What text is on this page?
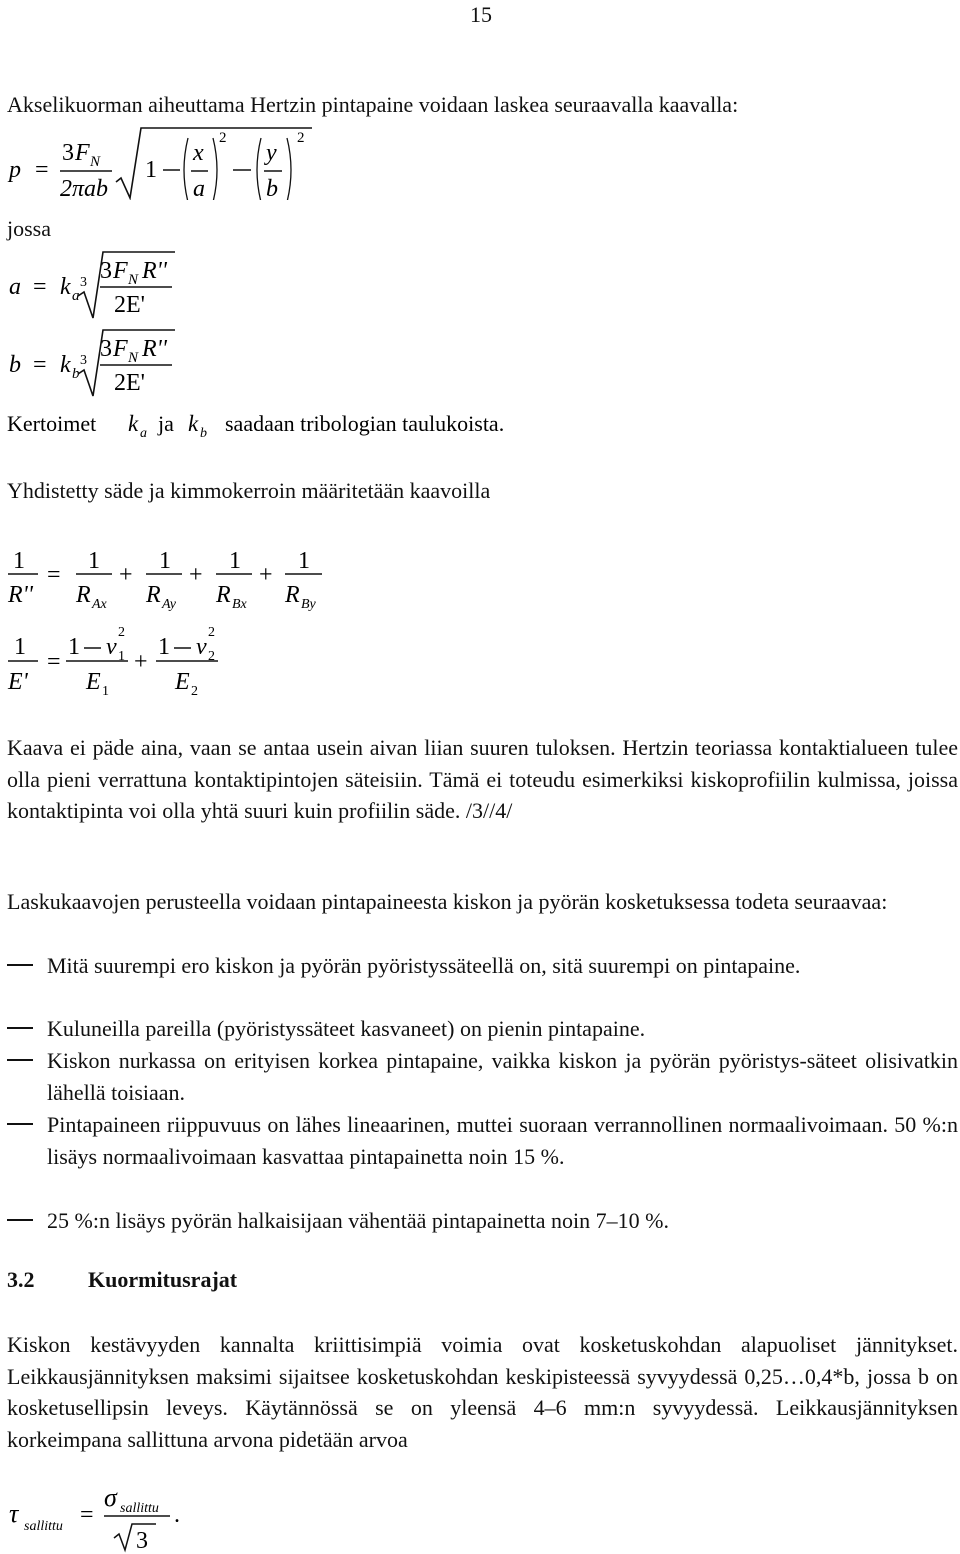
15
Akselikuorman aiheuttama Hertzin pintapaine voidaan laskea seuraavalla kaavalla:
p =
3 F N
2πab
1
x
a
2
y
b
2
jossa
a = k a
3 3 F N R''
2E'
b = k b
3 3 F N R''
2E'
Kertoimet k a ja k b saadaan tribologian taulukoista.
Yhdistetty säde ja kimmokerroin määritetään kaavoilla
1
R''
=
1
R Ax
+
1
R Ay
+
1
R Bx
+
1
R By
1
E'
=
1 ν 1
2
E 1
+
1 ν 2
2
E 2
Kaava ei päde aina, vaan se antaa usein aivan liian suuren tuloksen. Hertzin teoriassa kontaktialueen tulee olla pieni verrattuna kontaktipintojen säteisiin. Tämä ei toteudu esimerkiksi kiskoprofiilin kulmissa, joissa kontaktipinta voi olla yhtä suuri kuin profiilin säde. /3//4/
Laskukaavojen perusteella voidaan pintapaineesta kiskon ja pyörän kosketuksessa todeta seuraavaa:
Mitä suurempi ero kiskon ja pyörän pyöristyssäteellä on, sitä suurempi on pintapaine.
Kuluneilla pareilla (pyöristyssäteet kasvaneet) on pienin pintapaine.
Kiskon nurkassa on erityisen korkea pintapaine, vaikka kiskon ja pyörän pyöristys-säteet olisivatkin lähellä toisiaan.
Pintapaineen riippuvuus on lähes lineaarinen, muttei suoraan verrannollinen normaalivoimaan. 50 %:n lisäys normaalivoimaan kasvattaa pintapainetta noin 15 %.
25 %:n lisäys pyörän halkaisijaan vähentää pintapainetta noin 7–10 %.
3.2 Kuormitusrajat
Kiskon kestävyyden kannalta kriittisimpiä voimia ovat kosketuskohdan alapuoliset jännitykset. Leikkausjännityksen maksimi sijaitsee kosketuskohdan keskipisteessä syvyydessä 0,25…0,4*b, jossa b on kosketusellipsin leveys. Käytännössä se on yleensä 4–6 mm:n syvyydessä. Leikkausjännityksen korkeimpana sallittuna arvona pidetään arvoa
τ sallittu =
σ sallittu
3
.
